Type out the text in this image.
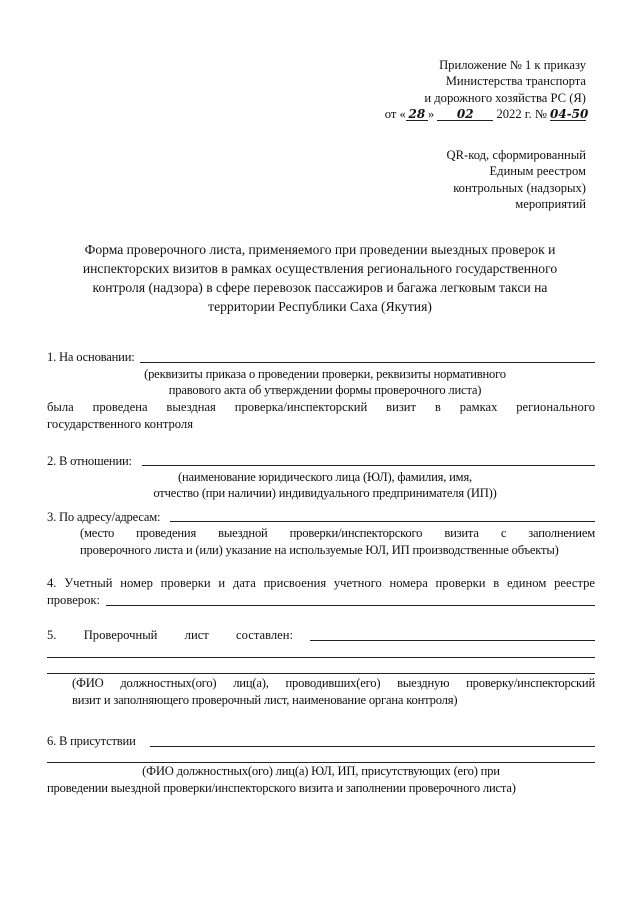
Приложение № 1 к приказу
Министерства транспорта
и дорожного хозяйства РС (Я)
от « 28 » 02 2022 г. № 04-50
QR-код, сформированный
Единым реестром
контрольных (надзорых)
мероприятий
Форма проверочного листа, применяемого при проведении выездных проверок и
инспекторских визитов в рамках осуществления регионального государственного
контроля (надзора) в сфере перевозок пассажиров и багажа легковым такси на
территории Республики Саха (Якутия)
1. На основании:
(реквизиты приказа о проведении проверки, реквизиты нормативного
правового акта об утверждении формы проверочного листа)
была проведена выездная проверка/инспекторский визит в рамках регионального
государственного контроля
2. В отношении:
(наименование юридического лица (ЮЛ), фамилия, имя,
отчество (при наличии) индивидуального предпринимателя (ИП))
3. По адресу/адресам:
(место проведения выездной проверки/инспекторского визита с заполнением
проверочного листа и (или) указание на используемые ЮЛ, ИП производственные объекты)
4. Учетный номер проверки и дата присвоения учетного номера проверки в едином реестре
проверок:
5. Проверочный лист составлен:
(ФИО должностных(ого) лиц(а), проводивших(его) выездную проверку/инспекторский
визит и заполняющего проверочный лист, наименование органа контроля)
6. В присутствии
(ФИО должностных(ого) лиц(а) ЮЛ, ИП, присутствующих (его) при
проведении выездной проверки/инспекторского визита и заполнении проверочного листа)
